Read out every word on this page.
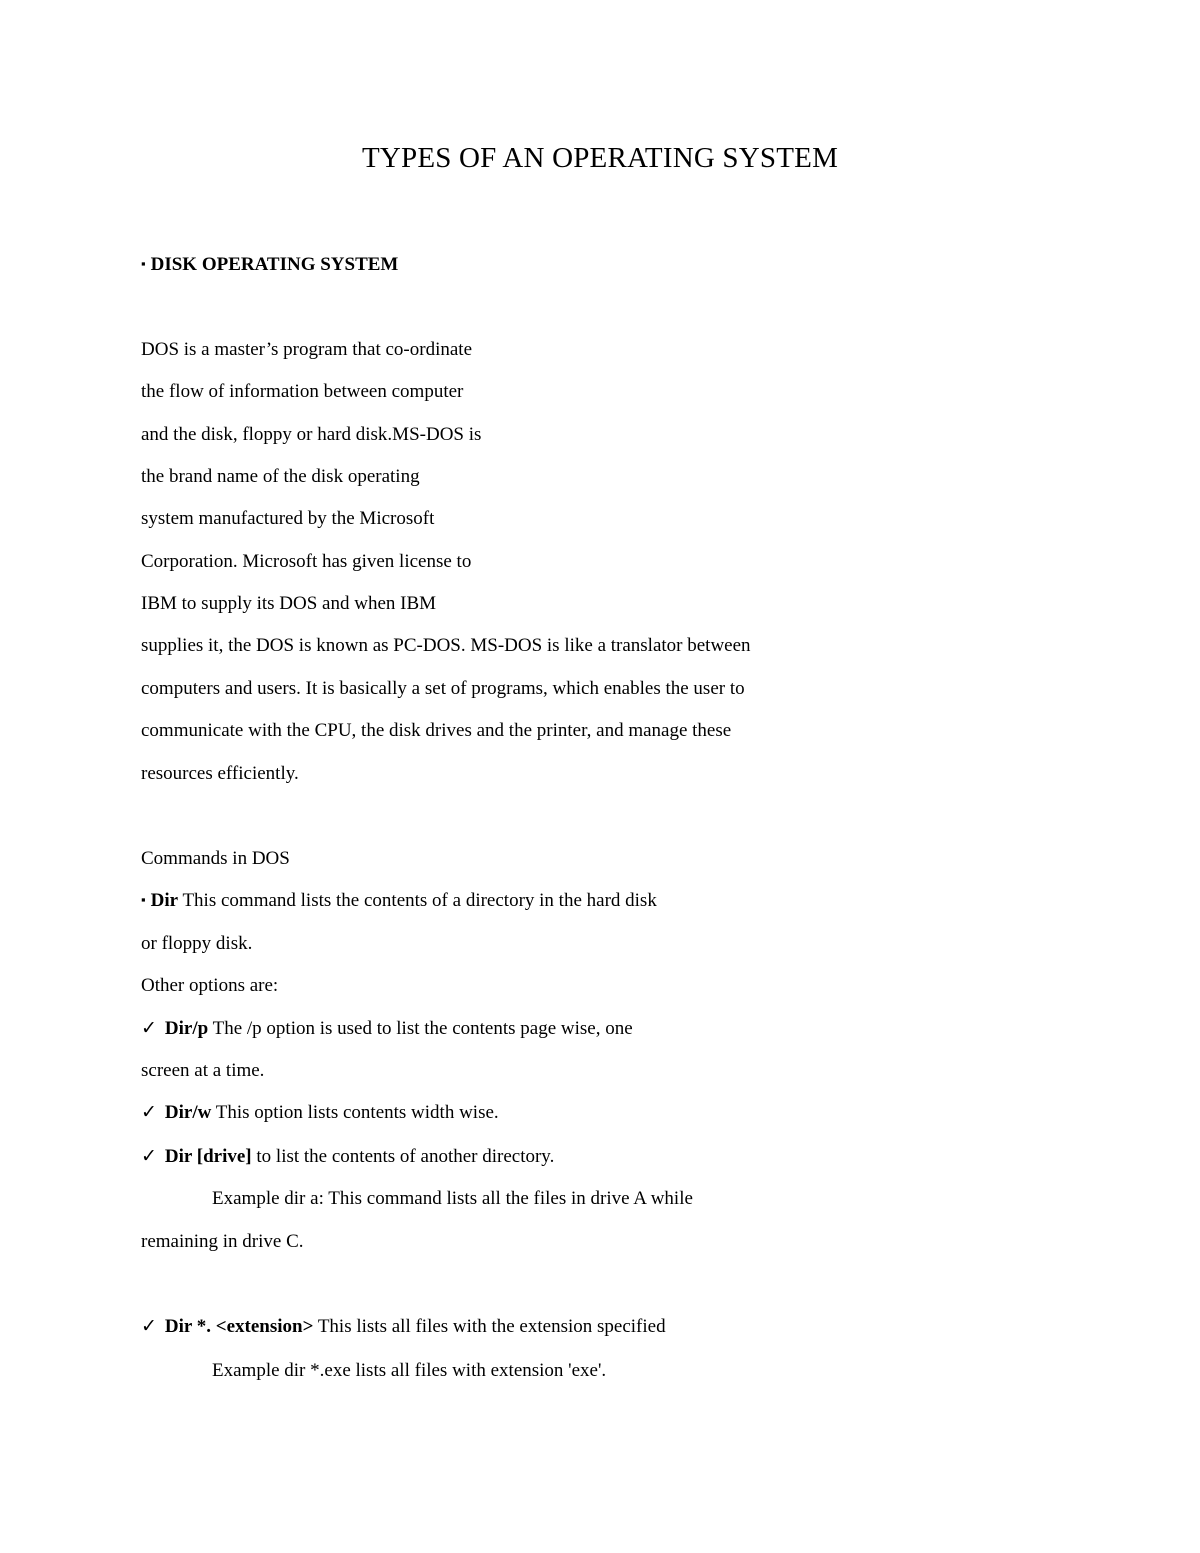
TYPES OF AN OPERATING SYSTEM
▪ DISK OPERATING SYSTEM
DOS is a master’s program that co-ordinate
the flow of information between computer
and the disk, floppy or hard disk.MS-DOS is
the brand name of the disk operating
system manufactured by the Microsoft
Corporation. Microsoft has given license to
IBM to supply its DOS and when IBM
supplies it, the DOS is known as PC-DOS. MS-DOS is like a translator between
computers and users. It is basically a set of programs, which enables the user to
communicate with the CPU, the disk drives and the printer, and manage these
resources efficiently.
Commands in DOS
▪ Dir This command lists the contents of a directory in the hard disk
or floppy disk.
Other options are:
✓ Dir/p The /p option is used to list the contents page wise, one
screen at a time.
✓ Dir/w This option lists contents width wise.
✓ Dir [drive] to list the contents of another directory.
Example dir a: This command lists all the files in drive A while
remaining in drive C.
✓ Dir *. <extension> This lists all files with the extension specified
Example dir *.exe lists all files with extension 'exe'.
